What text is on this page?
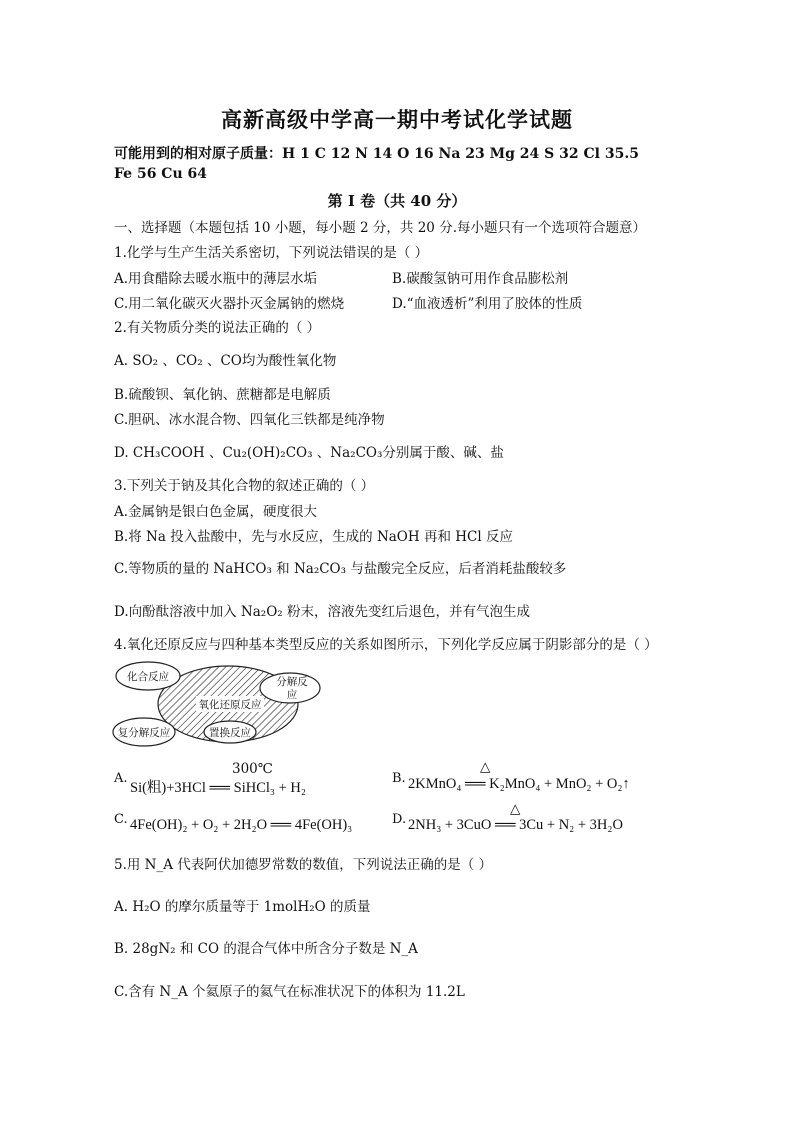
高新高级中学高一期中考试化学试题
可能用到的相对原子质量：H 1 C 12 N 14 O 16 Na 23 Mg 24 S 32 Cl 35.5
Fe 56 Cu 64
第 I 卷（共 40 分）
一、选择题（本题包括 10 小题，每小题 2 分，共 20 分.每小题只有一个选项符合题意）
1.化学与生产生活关系密切，下列说法错误的是（ ）
A.用食醋除去暖水瓶中的薄层水垢	B.碳酸氢钠可用作食品膨松剂
C.用二氧化碳灭火器扑灭金属钠的燃烧	D.“血液透析”利用了胶体的性质
2.有关物质分类的说法正确的（ ）
A. SO₂ 、CO₂ 、CO均为酸性氧化物
B.硫酸钡、氧化钠、蔗糖都是电解质
C.胆矾、冰水混合物、四氧化三铁都是纯净物
D. CH₃COOH 、Cu₂(OH)₂CO₃ 、Na₂CO₃分别属于酸、碱、盐
3.下列关于钠及其化合物的叙述正确的（ ）
A.金属钠是银白色金属，硬度很大
B.将 Na 投入盐酸中，先与水反应，生成的 NaOH 再和 HCl 反应
C.等物质的量的 NaHCO₃ 和 Na₂CO₃ 与盐酸完全反应，后者消耗盐酸较多
D.向酚酞溶液中加入 Na₂O₂ 粉末，溶液先变红后退色，并有气泡生成
4.氧化还原反应与四种基本类型反应的关系如图所示，下列化学反应属于阴影部分的是（ ）
化合反应	分解反
应
氧化还原反应
复分解反应	置换反应
A.
300℃
Si(粗)+3HCl ══ SiHCl₃ + H₂
B.
△
2KMnO₄ ══ K₂MnO₄ + MnO₂ + O₂↑
C. 4Fe(OH)₂ + O₂ + 2H₂O ══ 4Fe(OH)₃	D.
△
2NH₃ + 3CuO ══ 3Cu + N₂ + 3H₂O
5.用 N_A 代表阿伏加德罗常数的数值，下列说法正确的是（ ）
A. H₂O 的摩尔质量等于 1molH₂O 的质量
B. 28gN₂ 和 CO 的混合气体中所含分子数是 N_A
C.含有 N_A 个氦原子的氦气在标准状况下的体积为 11.2L
